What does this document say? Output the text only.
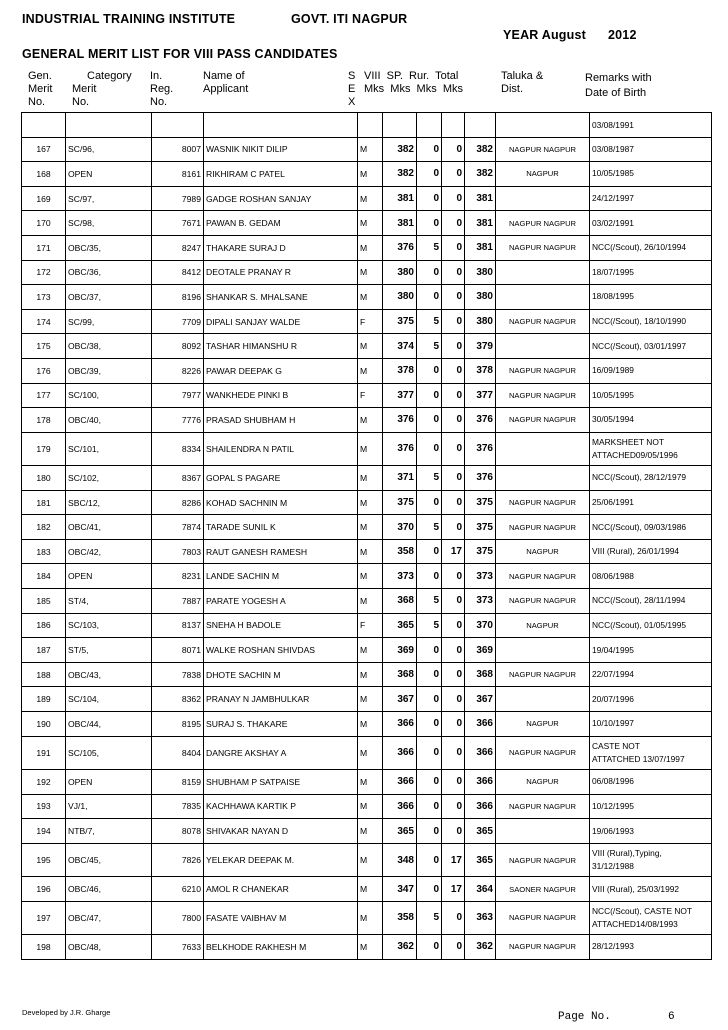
INDUSTRIAL TRAINING INSTITUTE	GOVT. ITI NAGPUR
YEAR August 2012
GENERAL MERIT LIST FOR VIII PASS CANDIDATES
Gen.
Merit
No.
Category
Merit
No.
In.
Reg.
No.
Name of
Applicant
S
E
X
VIII  SP.  Rur.  Total
Mks  Mks  Mks  Mks
Taluka &
Dist.
Remarks with
Date of Birth
										03/08/1991
167	SC/96,	8007	WASNIK NIKIT DILIP	M	382	0	0	382	NAGPUR NAGPUR	03/08/1987

168	OPEN	8161	RIKHIRAM C PATEL	M	382	0	0	382	NAGPUR	10/05/1985

169	SC/97,	7989	GADGE ROSHAN SANJAY	M	381	0	0	381		24/12/1997

170	SC/98,	7671	PAWAN B. GEDAM	M	381	0	0	381	NAGPUR NAGPUR	03/02/1991

171	OBC/35,	8247	THAKARE SURAJ D	M	376	5	0	381	NAGPUR NAGPUR	NCC(/Scout), 26/10/1994

172	OBC/36,	8412	DEOTALE PRANAY R	M	380	0	0	380		18/07/1995

173	OBC/37,	8196	SHANKAR S. MHALSANE	M	380	0	0	380		18/08/1995

174	SC/99,	7709	DIPALI SANJAY WALDE	F	375	5	0	380	NAGPUR NAGPUR	NCC(/Scout), 18/10/1990

175	OBC/38,	8092	TASHAR HIMANSHU R	M	374	5	0	379		NCC(/Scout), 03/01/1997

176	OBC/39,	8226	PAWAR DEEPAK G	M	378	0	0	378	NAGPUR NAGPUR	16/09/1989

177	SC/100,	7977	WANKHEDE PINKI B	F	377	0	0	377	NAGPUR NAGPUR	10/05/1995

178	OBC/40,	7776	PRASAD SHUBHAM H	M	376	0	0	376	NAGPUR NAGPUR	30/05/1994

179	SC/101,	8334	SHAILENDRA N PATIL	M	376	0	0	376		MARKSHEET NOT
ATTACHED09/05/1996

180	SC/102,	8367	GOPAL S PAGARE	M	371	5	0	376		NCC(/Scout), 28/12/1979

181	SBC/12,	8286	KOHAD SACHNIN M	M	375	0	0	375	NAGPUR NAGPUR	25/06/1991

182	OBC/41,	7874	TARADE SUNIL K	M	370	5	0	375	NAGPUR NAGPUR	NCC(/Scout), 09/03/1986

183	OBC/42,	7803	RAUT GANESH RAMESH	M	358	0	17	375	NAGPUR	VIII (Rural), 26/01/1994

184	OPEN	8231	LANDE SACHIN M	M	373	0	0	373	NAGPUR NAGPUR	08/06/1988

185	ST/4,	7887	PARATE YOGESH A	M	368	5	0	373	NAGPUR NAGPUR	NCC(/Scout), 28/11/1994

186	SC/103,	8137	SNEHA H BADOLE	F	365	5	0	370	NAGPUR	NCC(/Scout), 01/05/1995

187	ST/5,	8071	WALKE ROSHAN SHIVDAS	M	369	0	0	369		19/04/1995

188	OBC/43,	7838	DHOTE SACHIN M	M	368	0	0	368	NAGPUR NAGPUR	22/07/1994

189	SC/104,	8362	PRANAY N JAMBHULKAR	M	367	0	0	367		20/07/1996

190	OBC/44,	8195	SURAJ S. THAKARE	M	366	0	0	366	NAGPUR	10/10/1997

191	SC/105,	8404	DANGRE AKSHAY A	M	366	0	0	366	NAGPUR NAGPUR	CASTE NOT
ATTATCHED 13/07/1997

192	OPEN	8159	SHUBHAM P SATPAISE	M	366	0	0	366	NAGPUR	06/08/1996

193	VJ/1,	7835	KACHHAWA KARTIK P	M	366	0	0	366	NAGPUR NAGPUR	10/12/1995

194	NTB/7,	8078	SHIVAKAR NAYAN D	M	365	0	0	365		19/06/1993

195	OBC/45,	7826	YELEKAR DEEPAK M.	M	348	0	17	365	NAGPUR NAGPUR	VIII (Rural),Typing,
31/12/1988

196	OBC/46,	6210	AMOL R CHANEKAR	M	347	0	17	364	SAONER NAGPUR	VIII (Rural), 25/03/1992

197	OBC/47,	7800	FASATE VAIBHAV M	M	358	5	0	363	NAGPUR NAGPUR	NCC(/Scout), CASTE NOT
ATTACHED14/08/1993

198	OBC/48,	7633	BELKHODE RAKHESH M	M	362	0	0	362	NAGPUR NAGPUR	28/12/1993
Developed by J.R. Gharge	Page No.	6
